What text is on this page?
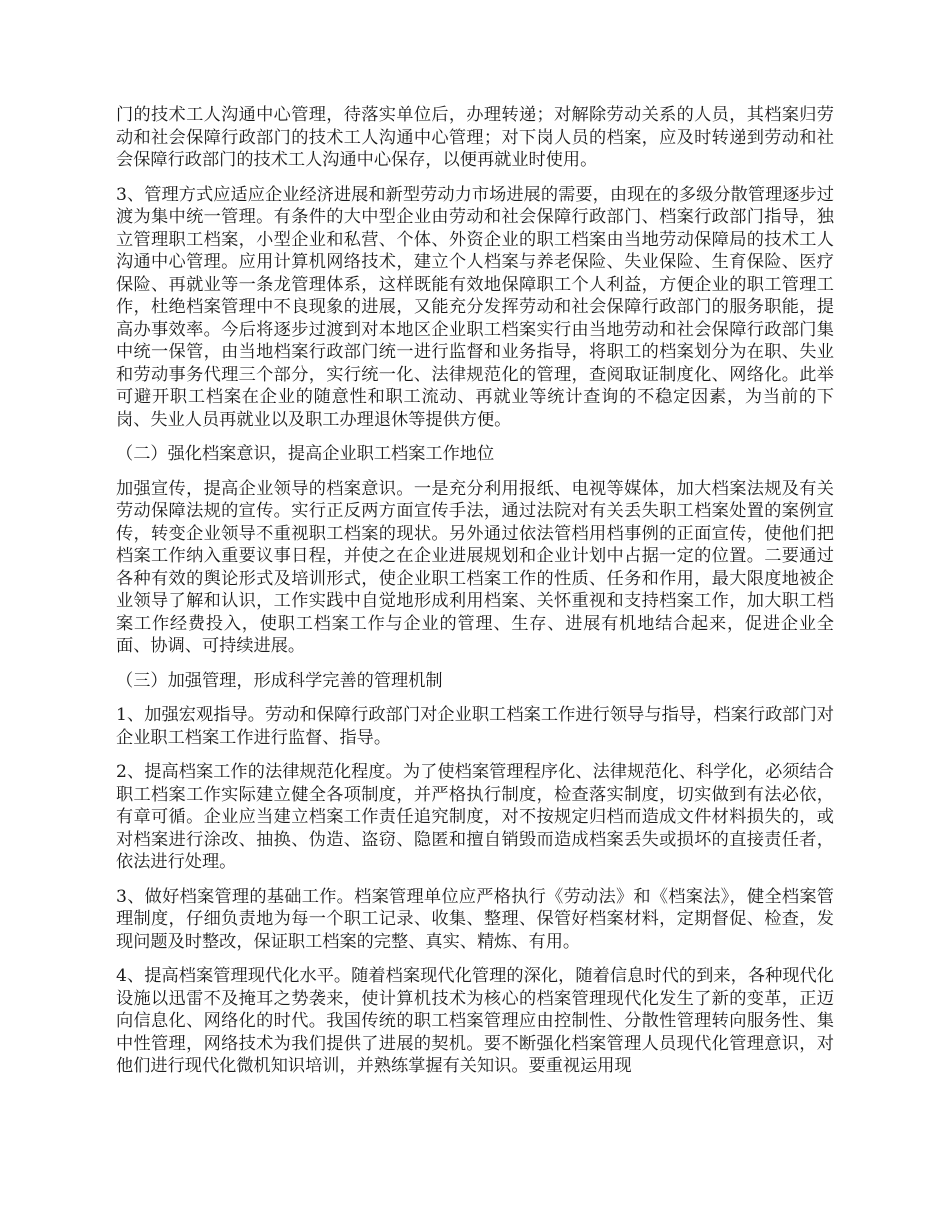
门的技术工人沟通中心管理，待落实单位后，办理转递；对解除劳动关系的人员，其档案归劳动和社会保障行政部门的技术工人沟通中心管理；对下岗人员的档案，应及时转递到劳动和社会保障行政部门的技术工人沟通中心保存，以便再就业时使用。

3、管理方式应适应企业经济进展和新型劳动力市场进展的需要，由现在的多级分散管理逐步过渡为集中统一管理。有条件的大中型企业由劳动和社会保障行政部门、档案行政部门指导，独立管理职工档案，小型企业和私营、个体、外资企业的职工档案由当地劳动保障局的技术工人沟通中心管理。应用计算机网络技术，建立个人档案与养老保险、失业保险、生育保险、医疗保险、再就业等一条龙管理体系，这样既能有效地保障职工个人利益，方便企业的职工管理工作，杜绝档案管理中不良现象的进展，又能充分发挥劳动和社会保障行政部门的服务职能，提高办事效率。今后将逐步过渡到对本地区企业职工档案实行由当地劳动和社会保障行政部门集中统一保管，由当地档案行政部门统一进行监督和业务指导，将职工的档案划分为在职、失业和劳动事务代理三个部分，实行统一化、法律规范化的管理，查阅取证制度化、网络化。此举可避开职工档案在企业的随意性和职工流动、再就业等统计查询的不稳定因素，为当前的下岗、失业人员再就业以及职工办理退休等提供方便。

（二）强化档案意识，提高企业职工档案工作地位

加强宣传，提高企业领导的档案意识。一是充分利用报纸、电视等媒体，加大档案法规及有关劳动保障法规的宣传。实行正反两方面宣传手法，通过法院对有关丢失职工档案处置的案例宣传，转变企业领导不重视职工档案的现状。另外通过依法管档用档事例的正面宣传，使他们把档案工作纳入重要议事日程，并使之在企业进展规划和企业计划中占据一定的位置。二要通过各种有效的舆论形式及培训形式，使企业职工档案工作的性质、任务和作用，最大限度地被企业领导了解和认识，工作实践中自觉地形成利用档案、关怀重视和支持档案工作，加大职工档案工作经费投入，使职工档案工作与企业的管理、生存、进展有机地结合起来，促进企业全面、协调、可持续进展。

（三）加强管理，形成科学完善的管理机制

1、加强宏观指导。劳动和保障行政部门对企业职工档案工作进行领导与指导，档案行政部门对企业职工档案工作进行监督、指导。

2、提高档案工作的法律规范化程度。为了使档案管理程序化、法律规范化、科学化，必须结合职工档案工作实际建立健全各项制度，并严格执行制度，检查落实制度，切实做到有法必依，有章可循。企业应当建立档案工作责任追究制度，对不按规定归档而造成文件材料损失的，或对档案进行涂改、抽换、伪造、盗窃、隐匿和擅自销毁而造成档案丢失或损坏的直接责任者，依法进行处理。

3、做好档案管理的基础工作。档案管理单位应严格执行《劳动法》和《档案法》，健全档案管理制度，仔细负责地为每一个职工记录、收集、整理、保管好档案材料，定期督促、检查，发现问题及时整改，保证职工档案的完整、真实、精炼、有用。

4、提高档案管理现代化水平。随着档案现代化管理的深化，随着信息时代的到来，各种现代化设施以迅雷不及掩耳之势袭来，使计算机技术为核心的档案管理现代化发生了新的变革，正迈向信息化、网络化的时代。我国传统的职工档案管理应由控制性、分散性管理转向服务性、集中性管理，网络技术为我们提供了进展的契机。要不断强化档案管理人员现代化管理意识，对他们进行现代化微机知识培训，并熟练掌握有关知识。要重视运用现
